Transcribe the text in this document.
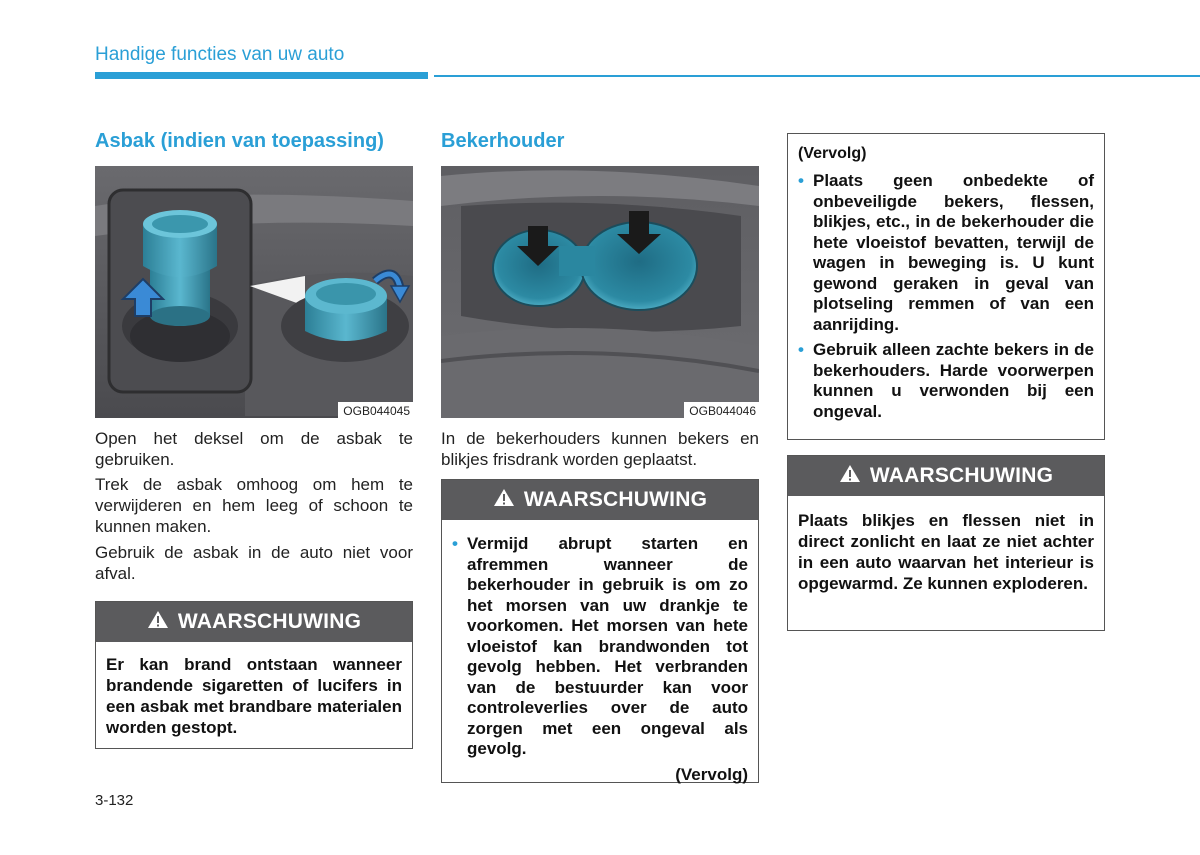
Handige functies van uw auto
Asbak (indien van toepassing)
OGB044045
Open het deksel om de asbak te gebruiken.
Trek de asbak omhoog om hem te verwijderen en hem leeg of schoon te kunnen maken.
Gebruik de asbak in de auto niet voor afval.
WAARSCHUWING
Er kan brand ontstaan wanneer brandende sigaretten of lucifers in een asbak met brandbare materialen worden gestopt.
Bekerhouder
OGB044046
In de bekerhouders kunnen bekers en blikjes frisdrank worden geplaatst.
WAARSCHUWING
• Vermijd abrupt starten en afremmen wanneer de bekerhouder in gebruik is om zo het morsen van uw drankje te voorkomen. Het morsen van hete vloeistof kan brandwonden tot gevolg hebben. Het verbranden van de bestuurder kan voor controleverlies over de auto zorgen met een ongeval als gevolg.
(Vervolg)
(Vervolg)
• Plaats geen onbedekte of onbeveiligde bekers, flessen, blikjes, etc., in de bekerhouder die hete vloeistof bevatten, terwijl de wagen in beweging is. U kunt gewond geraken in geval van plotseling remmen of van een aanrijding.
• Gebruik alleen zachte bekers in de bekerhouders. Harde voorwerpen kunnen u verwonden bij een ongeval.
WAARSCHUWING
Plaats blikjes en flessen niet in direct zonlicht en laat ze niet achter in een auto waarvan het interieur is opgewarmd. Ze kunnen exploderen.
3-132
